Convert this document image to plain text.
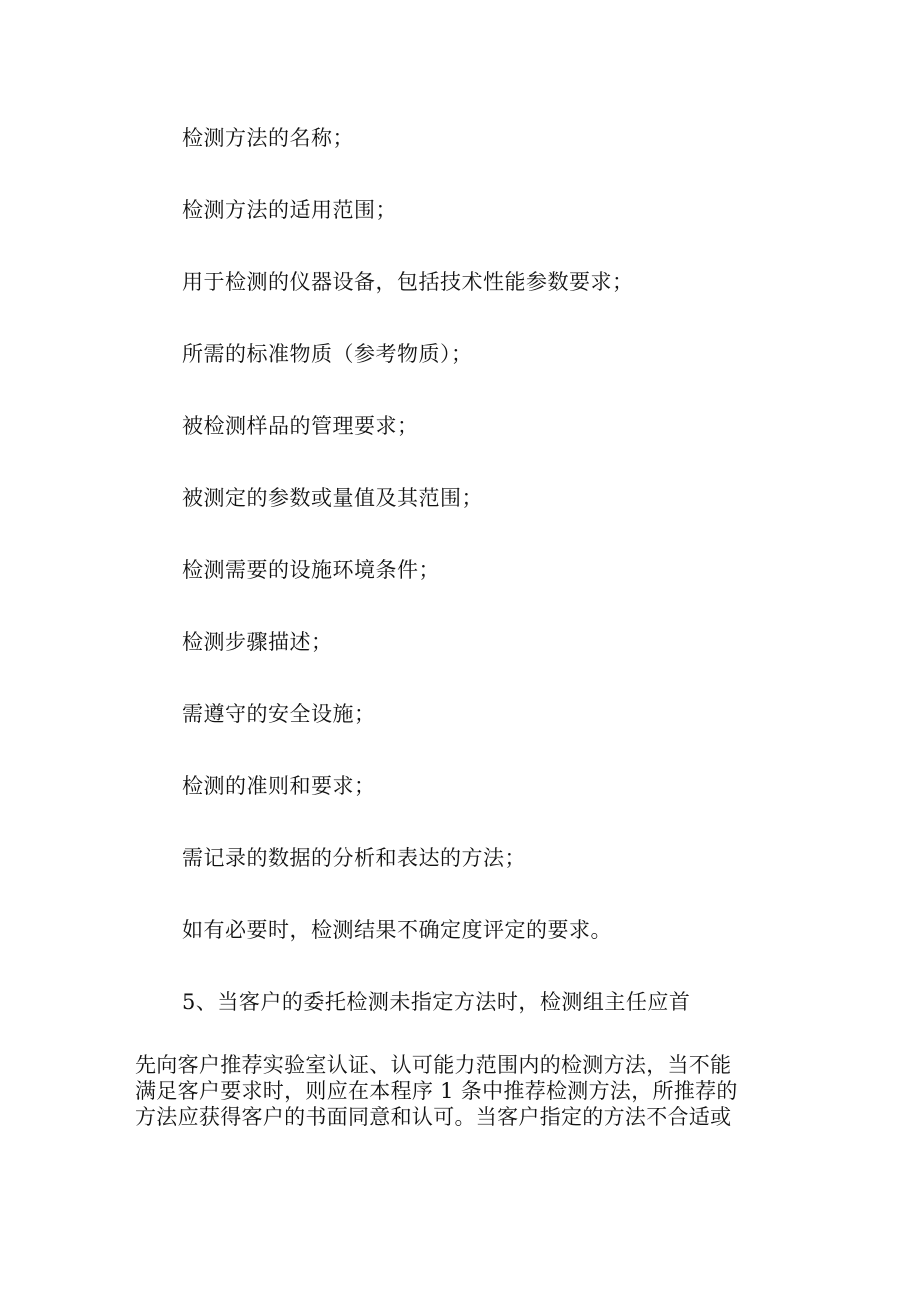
检测方法的名称；
检测方法的适用范围；
用于检测的仪器设备，包括技术性能参数要求；
所需的标准物质（参考物质）；
被检测样品的管理要求；
被测定的参数或量值及其范围；
检测需要的设施环境条件；
检测步骤描述；
需遵守的安全设施；
检测的准则和要求；
需记录的数据的分析和表达的方法；
如有必要时，检测结果不确定度评定的要求。
5、当客户的委托检测未指定方法时，检测组主任应首

先向客户推荐实验室认证、认可能力范围内的检测方法，当不能

满足客户要求时，则应在本程序 1 条中推荐检测方法，所推荐的

方法应获得客户的书面同意和认可。当客户指定的方法不合适或
